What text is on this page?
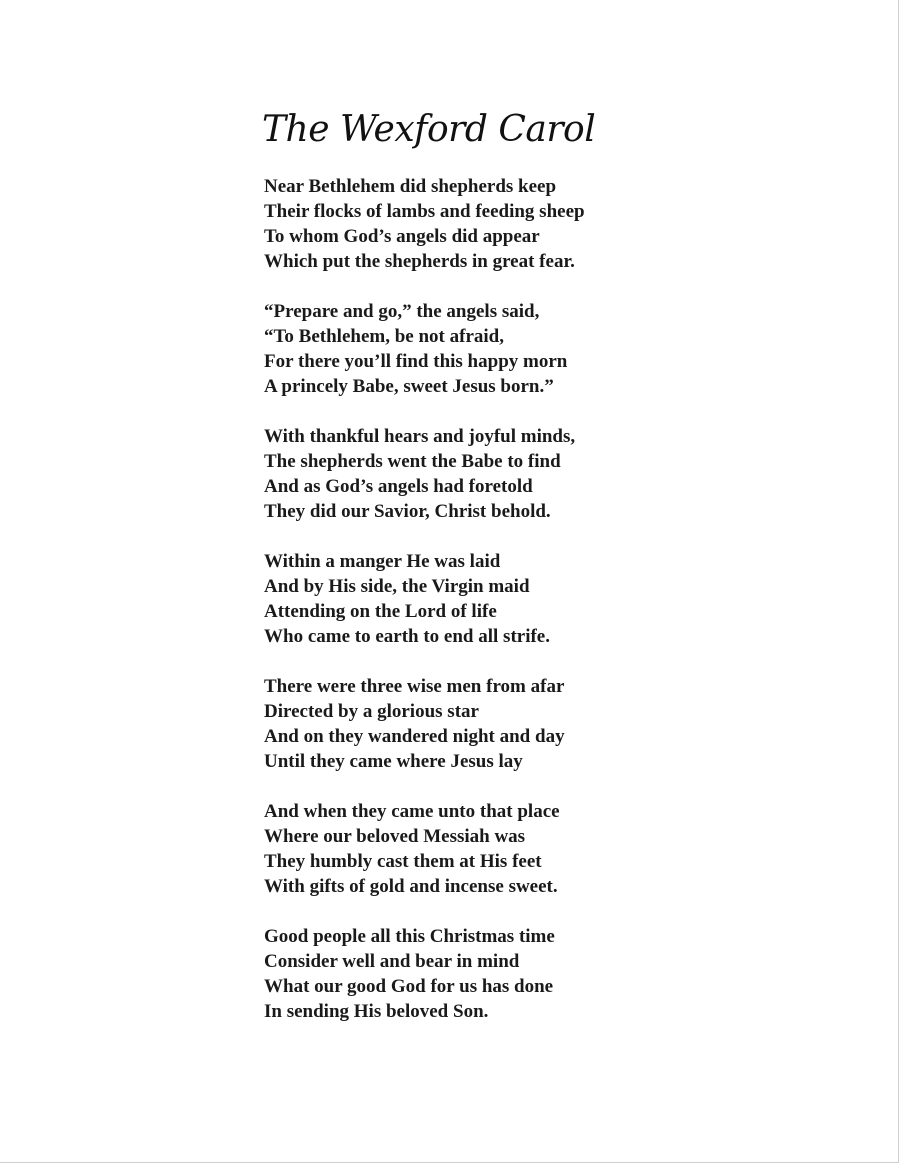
The Wexford Carol
Near Bethlehem did shepherds keep
Their flocks of lambs and feeding sheep
To whom God’s angels did appear
Which put the shepherds in great fear.
“Prepare and go,” the angels said,
“To Bethlehem, be not afraid,
For there you’ll find this happy morn
A princely Babe, sweet Jesus born.”
With thankful hears and joyful minds,
The shepherds went the Babe to find
And as God’s angels had foretold
They did our Savior, Christ behold.
Within a manger He was laid
And by His side, the Virgin maid
Attending on the Lord of life
Who came to earth to end all strife.
There were three wise men from afar
Directed by a glorious star
And on they wandered night and day
Until they came where Jesus lay
And when they came unto that place
Where our beloved Messiah was
They humbly cast them at His feet
With gifts of gold and incense sweet.
Good people all this Christmas time
Consider well and bear in mind
What our good God for us has done
In sending His beloved Son.
